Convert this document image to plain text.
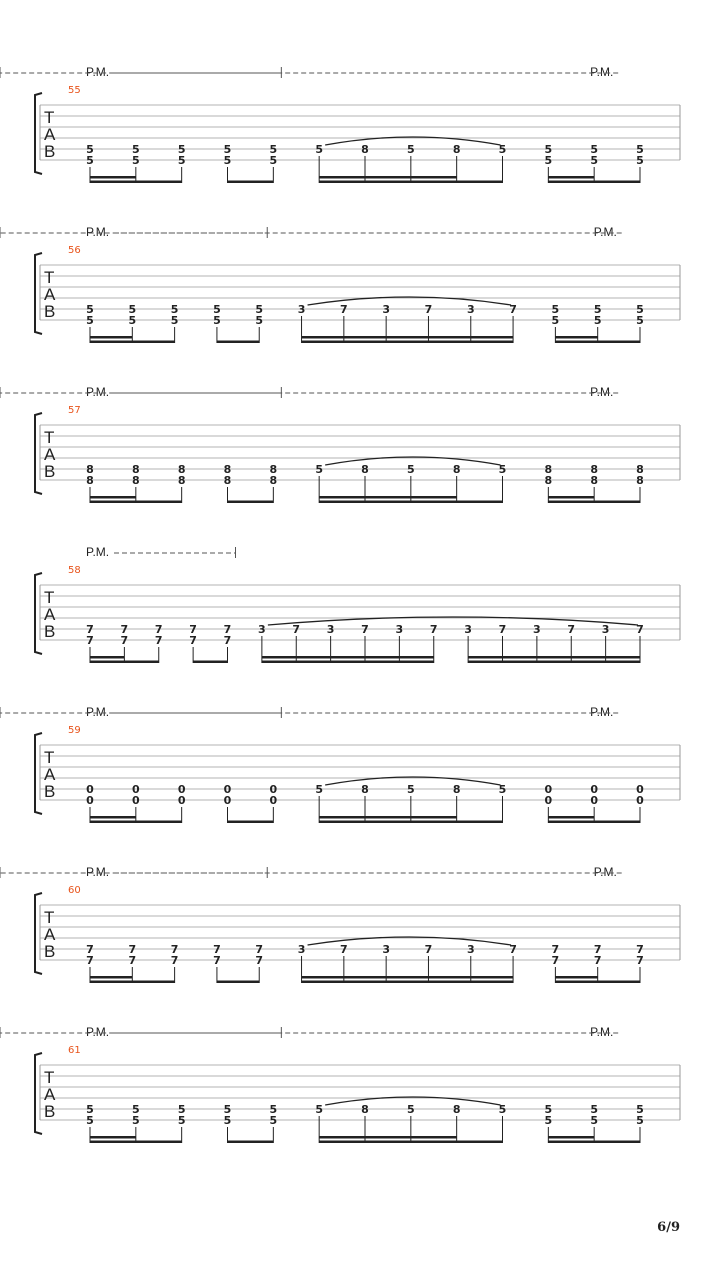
P.M.	P.M.
55
T
A
B	5
5
5
5
5
5
5
5
5
5
5	8	5	8	5	5
5
5
5
5
5
P.M.	P.M.
56
T
A
B	5
5
5
5
5
5
5
5
5
5
3	7	3	7	3	7	5
5
5
5
5
5
P.M.	P.M.
57
T
A
B	8
8
8
8
8
8
8
8
8
8
5	8	5	8	5	8
8
8
8
8
8
P.M.
58
T
A
B	7
7
7
7
7
7
7
7
7
7
3 7 3 7 3 7 3 7 3 7 3 7
P.M.	P.M.
59
T
A
B	0
0
0
0
0
0
0
0
0
0
5	8	5	8	5	0
0
0
0
0
0
P.M.	P.M.
60
T
A
B	7
7
7
7
7
7
7
7
7
7
3	7	3	7	3	7	7
7
7
7
7
7
P.M.	P.M.
61
T
A
B	5
5
5
5
5
5
5
5
5
5
5	8	5	8	5	5
5
5
5
5
5
6/9
